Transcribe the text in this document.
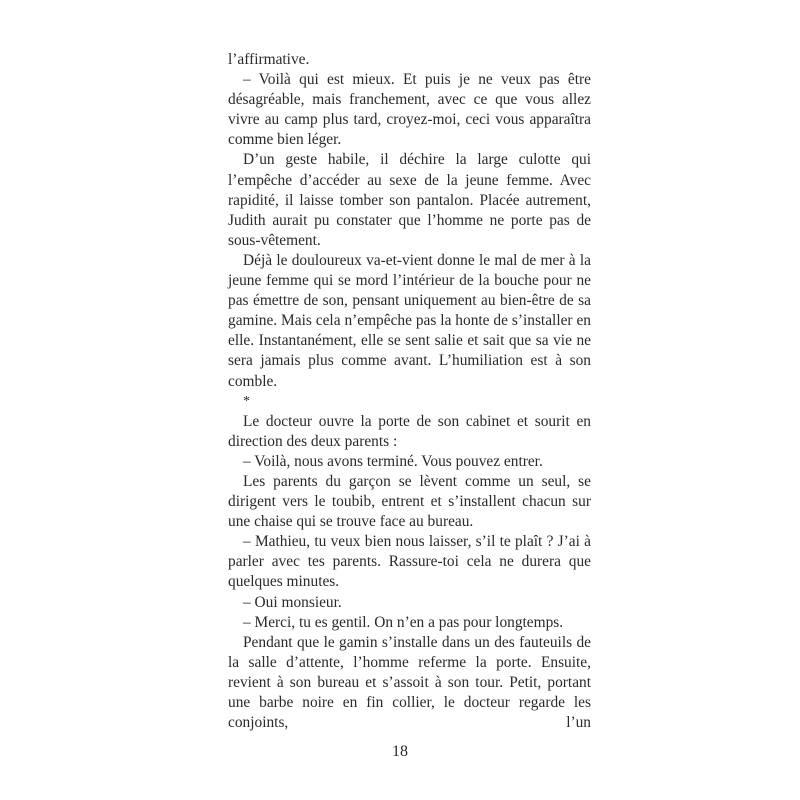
l’affirmative.

– Voilà qui est mieux. Et puis je ne veux pas être désagréable, mais franchement, avec ce que vous allez vivre au camp plus tard, croyez-moi, ceci vous apparaîtra comme bien léger.

D’un geste habile, il déchire la large culotte qui l’empêche d’accéder au sexe de la jeune femme. Avec rapidité, il laisse tomber son pantalon. Placée autrement, Judith aurait pu constater que l’homme ne porte pas de sous-vêtement.

Déjà le douloureux va-et-vient donne le mal de mer à la jeune femme qui se mord l’intérieur de la bouche pour ne pas émettre de son, pensant uniquement au bien-être de sa gamine. Mais cela n’empêche pas la honte de s’installer en elle. Instantanément, elle se sent salie et sait que sa vie ne sera jamais plus comme avant. L’humiliation est à son comble.

*

Le docteur ouvre la porte de son cabinet et sourit en direction des deux parents :

– Voilà, nous avons terminé. Vous pouvez entrer.

Les parents du garçon se lèvent comme un seul, se dirigent vers le toubib, entrent et s’installent chacun sur une chaise qui se trouve face au bureau.

– Mathieu, tu veux bien nous laisser, s’il te plaît ? J’ai à parler avec tes parents. Rassure-toi cela ne durera que quelques minutes.

– Oui monsieur.

– Merci, tu es gentil. On n’en a pas pour longtemps.

Pendant que le gamin s’installe dans un des fauteuils de la salle d’attente, l’homme referme la porte. Ensuite, revient à son bureau et s’assoit à son tour. Petit, portant une barbe noire en fin collier, le docteur regarde les conjoints, l’un

18
